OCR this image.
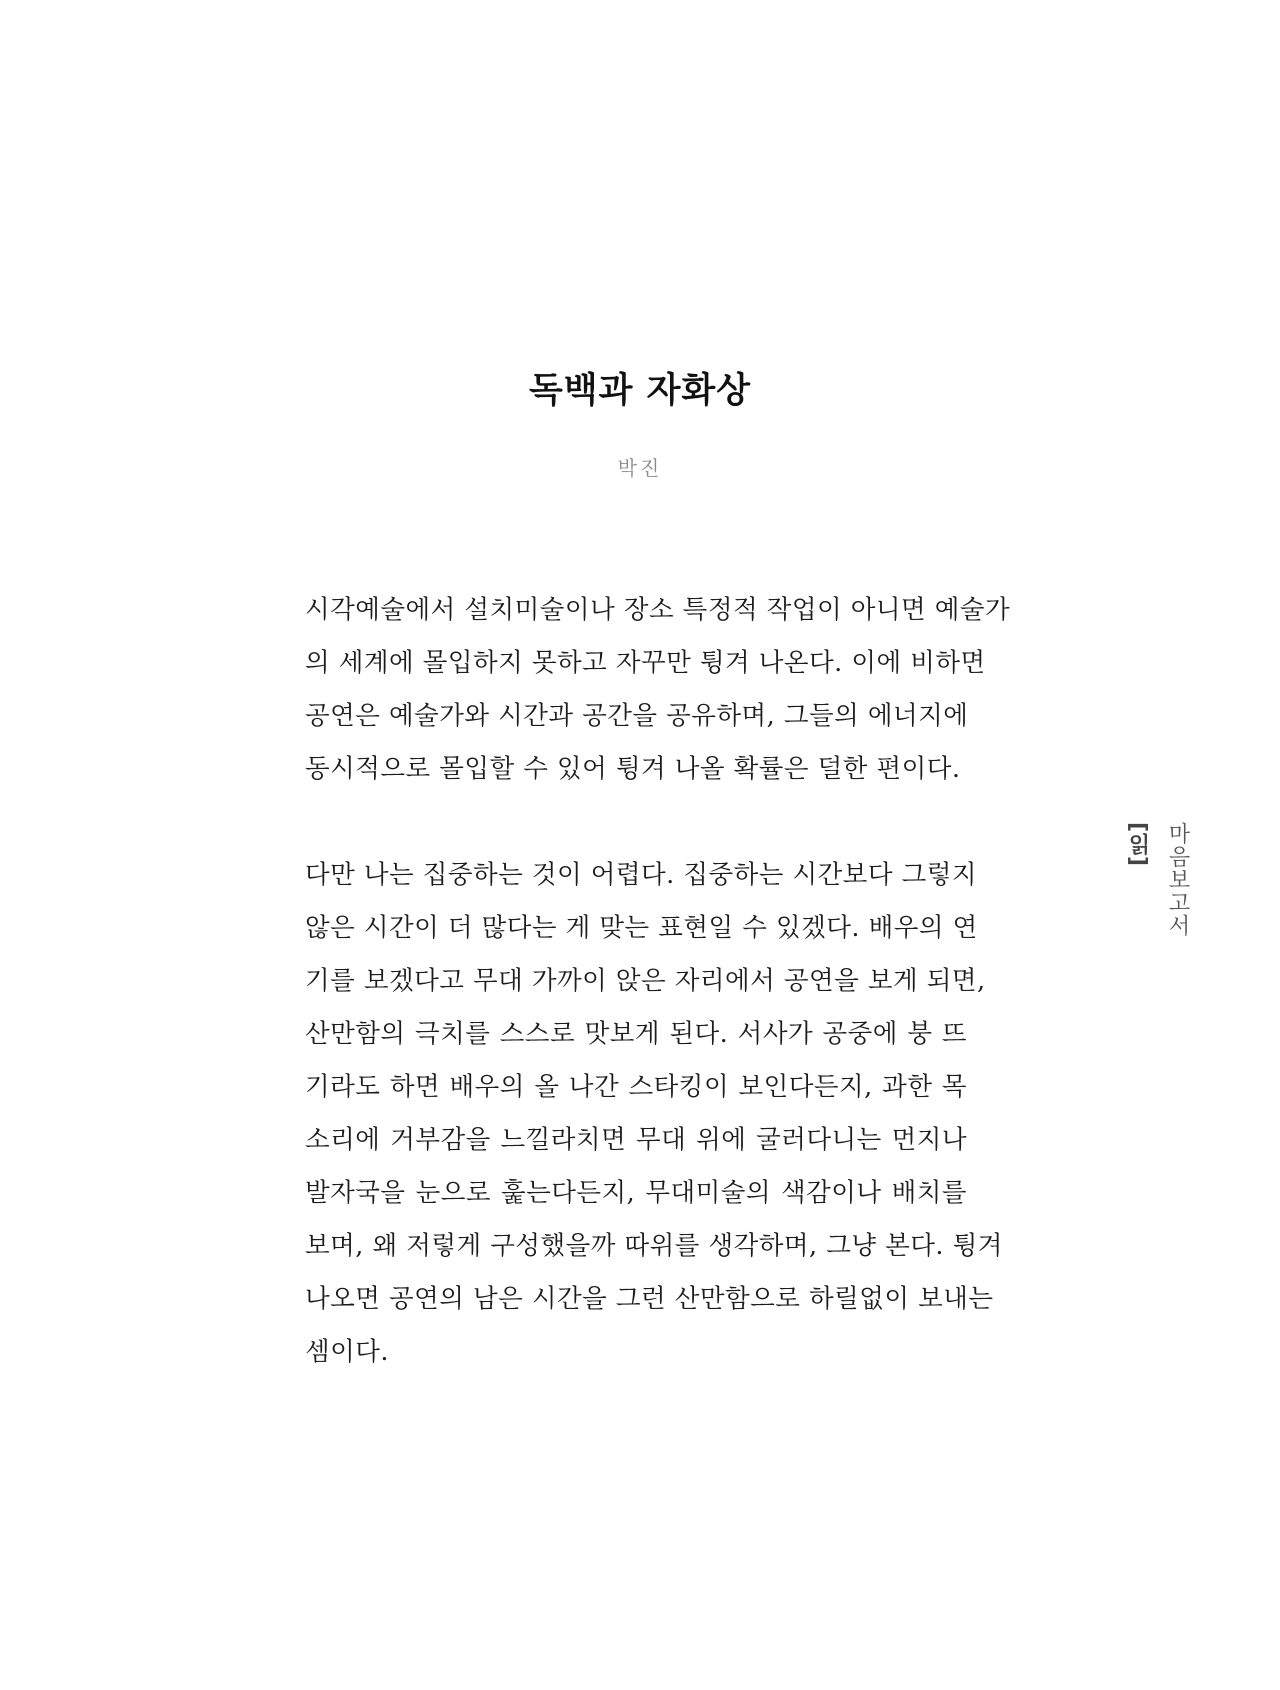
독백과 자화상

박진

시각예술에서 설치미술이나 장소 특정적 작업이 아니면 예술가
의 세계에 몰입하지 못하고 자꾸만 튕겨 나온다. 이에 비하면
공연은 예술가와 시간과 공간을 공유하며, 그들의 에너지에
동시적으로 몰입할 수 있어 튕겨 나올 확률은 덜한 편이다.

다만 나는 집중하는 것이 어렵다. 집중하는 시간보다 그렇지
않은 시간이 더 많다는 게 맞는 표현일 수 있겠다. 배우의 연
기를 보겠다고 무대 가까이 앉은 자리에서 공연을 보게 되면,
산만함의 극치를 스스로 맛보게 된다. 서사가 공중에 붕 뜨
기라도 하면 배우의 올 나간 스타킹이 보인다든지, 과한 목
소리에 거부감을 느낄라치면 무대 위에 굴러다니는 먼지나
발자국을 눈으로 훑는다든지, 무대미술의 색감이나 배치를
보며, 왜 저렇게 구성했을까 따위를 생각하며, 그냥 본다. 튕겨
나오면 공연의 남은 시간을 그런 산만함으로 하릴없이 보내는
셈이다.

마음보고서[읽]
